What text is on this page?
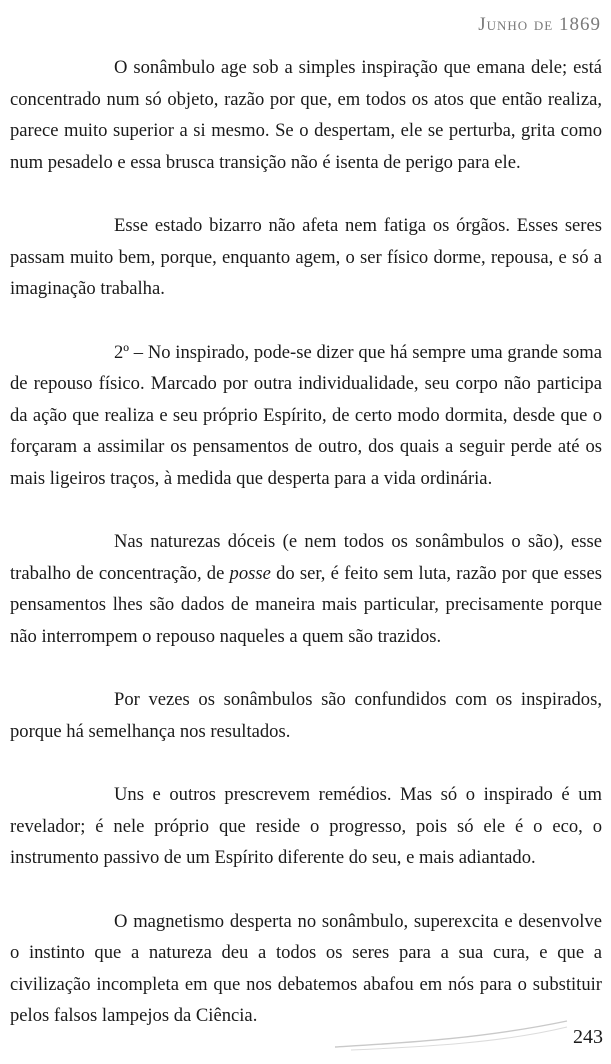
Junho de 1869

O sonâmbulo age sob a simples inspiração que emana dele; está concentrado num só objeto, razão por que, em todos os atos que então realiza, parece muito superior a si mesmo. Se o despertam, ele se perturba, grita como num pesadelo e essa brusca transição não é isenta de perigo para ele.

Esse estado bizarro não afeta nem fatiga os órgãos. Esses seres passam muito bem, porque, enquanto agem, o ser físico dorme, repousa, e só a imaginação trabalha.

2º – No inspirado, pode-se dizer que há sempre uma grande soma de repouso físico. Marcado por outra individualidade, seu corpo não participa da ação que realiza e seu próprio Espírito, de certo modo dormita, desde que o forçaram a assimilar os pensamentos de outro, dos quais a seguir perde até os mais ligeiros traços, à medida que desperta para a vida ordinária.

Nas naturezas dóceis (e nem todos os sonâmbulos o são), esse trabalho de concentração, de posse do ser, é feito sem luta, razão por que esses pensamentos lhes são dados de maneira mais particular, precisamente porque não interrompem o repouso naqueles a quem são trazidos.

Por vezes os sonâmbulos são confundidos com os inspirados, porque há semelhança nos resultados.

Uns e outros prescrevem remédios. Mas só o inspirado é um revelador; é nele próprio que reside o progresso, pois só ele é o eco, o instrumento passivo de um Espírito diferente do seu, e mais adiantado.

O magnetismo desperta no sonâmbulo, superexcita e desenvolve o instinto que a natureza deu a todos os seres para a sua cura, e que a civilização incompleta em que nos debatemos abafou em nós para o substituir pelos falsos lampejos da Ciência.

243
